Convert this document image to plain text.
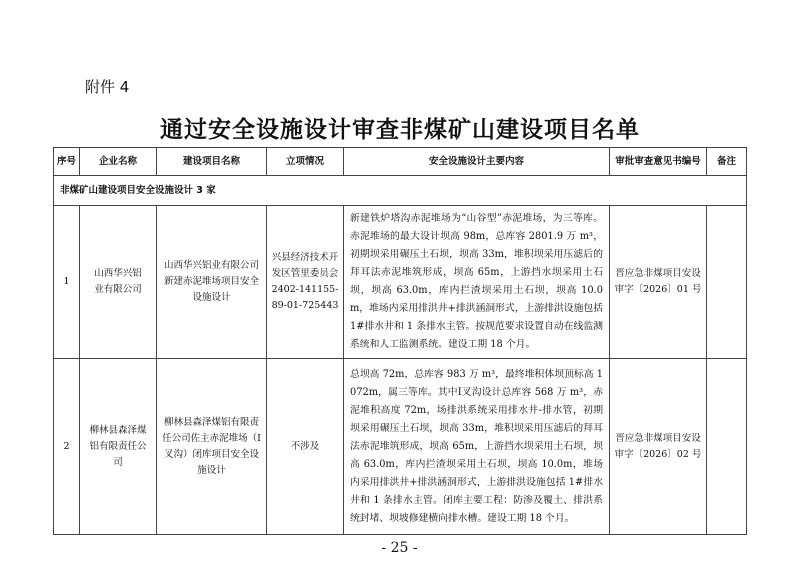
附件 4
通过安全设施设计审查非煤矿山建设项目名单
序号	企业名称	建设项目名称	立项情况	安全设施设计主要内容	审批审查意见书编号	备注
非煤矿山建设项目安全设施设计 3 家						
1	山西华兴铝业有限公司	山西华兴铝业有限公司新建赤泥堆场项目安全设施设计	兴县经济技术开发区管里委员会 2402-141155-89-01-725443	新建铁炉塔沟赤泥堆场为“山谷型”赤泥堆场，为三等库。赤泥堆场的最大设计坝高 98m，总库容 2801.9 万 m³，初期坝采用碾压土石坝，坝高 33m，堆积坝采用压滤后的拜耳法赤泥堆筑形成，坝高 65m，上游挡水坝采用土石坝，坝高 63.0m，库内拦渣坝采用土石坝，坝高 10.0m，堆场内采用排洪井+排洪涵洞形式，上游排洪设施包括 1#排水井和 1 条排水主管。按规范要求设置自动在线监测系统和人工监测系统。建设工期 18 个月。	晋应急非煤项目安设审字〔2026〕01 号	
2	柳林县森泽煤铝有限责任公司	柳林县森泽煤铝有限责任公司佐主赤泥堆场（Ⅰ叉沟）闭库项目安全设施设计	不涉及	总坝高 72m，总库容 983 万 m³，最终堆积体坝顶标高 1072m，属三等库。其中Ⅰ叉沟设计总库容 568 万 m³，赤泥堆积高度 72m，场排洪系统采用排水井-排水管，初期坝采用碾压土石坝，坝高 33m，堆积坝采用压滤后的拜耳法赤泥堆筑形成，坝高 65m，上游挡水坝采用土石坝，坝高 63.0m，库内拦渣坝采用土石坝，坝高 10.0m，堆场内采用排洪井+排洪涵洞形式，上游排洪设施包括 1#排水井和 1 条排水主管。闭库主要工程：防渗及覆土、排洪系统封堵、坝坡修建横向排水槽。建设工期 18 个月。	晋应急非煤项目安设审字〔2026〕02 号	
- 25 -
